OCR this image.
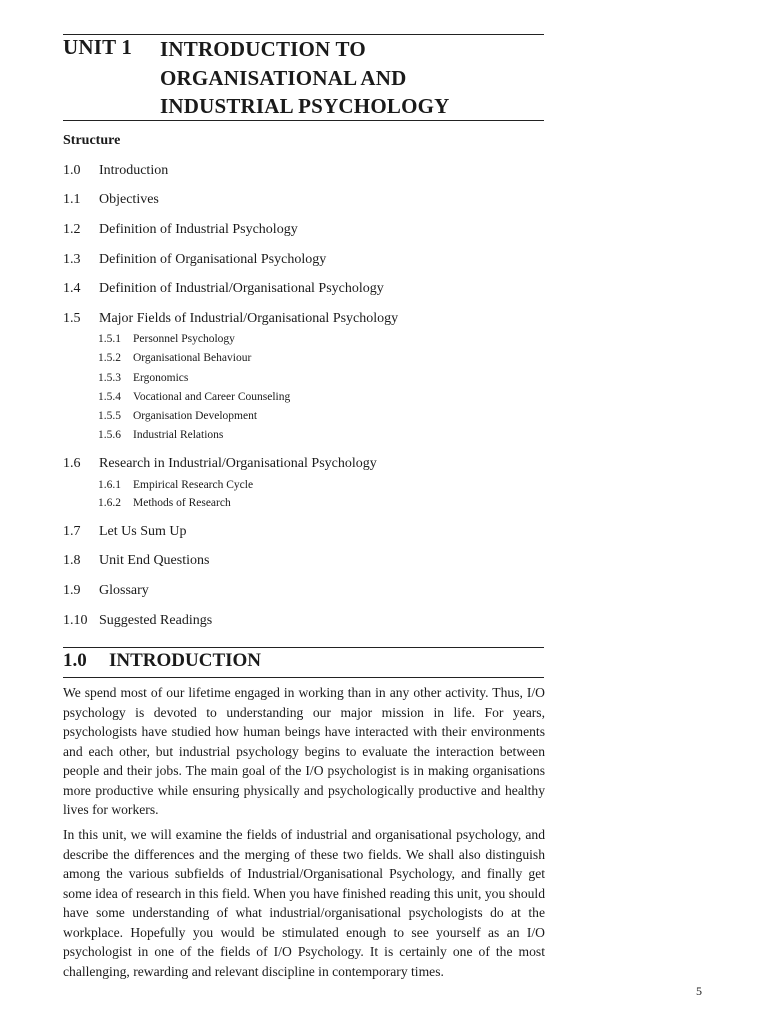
UNIT 1 INTRODUCTION TO
ORGANISATIONAL AND
INDUSTRIAL PSYCHOLOGY
Structure
1.0 Introduction
1.1 Objectives
1.2 Definition of Industrial Psychology
1.3 Definition of Organisational Psychology
1.4 Definition of Industrial/Organisational Psychology
1.5 Major Fields of Industrial/Organisational Psychology
1.5.1 Personnel Psychology
1.5.2 Organisational Behaviour
1.5.3 Ergonomics
1.5.4 Vocational and Career Counseling
1.5.5 Organisation Development
1.5.6 Industrial Relations
1.6 Research in Industrial/Organisational Psychology
1.6.1 Empirical Research Cycle
1.6.2 Methods of Research
1.7 Let Us Sum Up
1.8 Unit End Questions
1.9 Glossary
1.10 Suggested Readings
1.0 INTRODUCTION
We spend most of our lifetime engaged in working than in any other activity. Thus, I/O psychology is devoted to understanding our major mission in life. For years, psychologists have studied how human beings have interacted with their environments and each other, but industrial psychology begins to evaluate the interaction between people and their jobs. The main goal of the I/O psychologist is in making organisations more productive while ensuring physically and psychologically productive and healthy lives for workers.
In this unit, we will examine the fields of industrial and organisational psychology, and describe the differences and the merging of these two fields. We shall also distinguish among the various subfields of Industrial/Organisational Psychology, and finally get some idea of research in this field. When you have finished reading this unit, you should have some understanding of what industrial/organisational psychologists do at the workplace. Hopefully you would be stimulated enough to see yourself as an I/O psychologist in one of the fields of I/O Psychology. It is certainly one of the most challenging, rewarding and relevant discipline in contemporary times.
5
